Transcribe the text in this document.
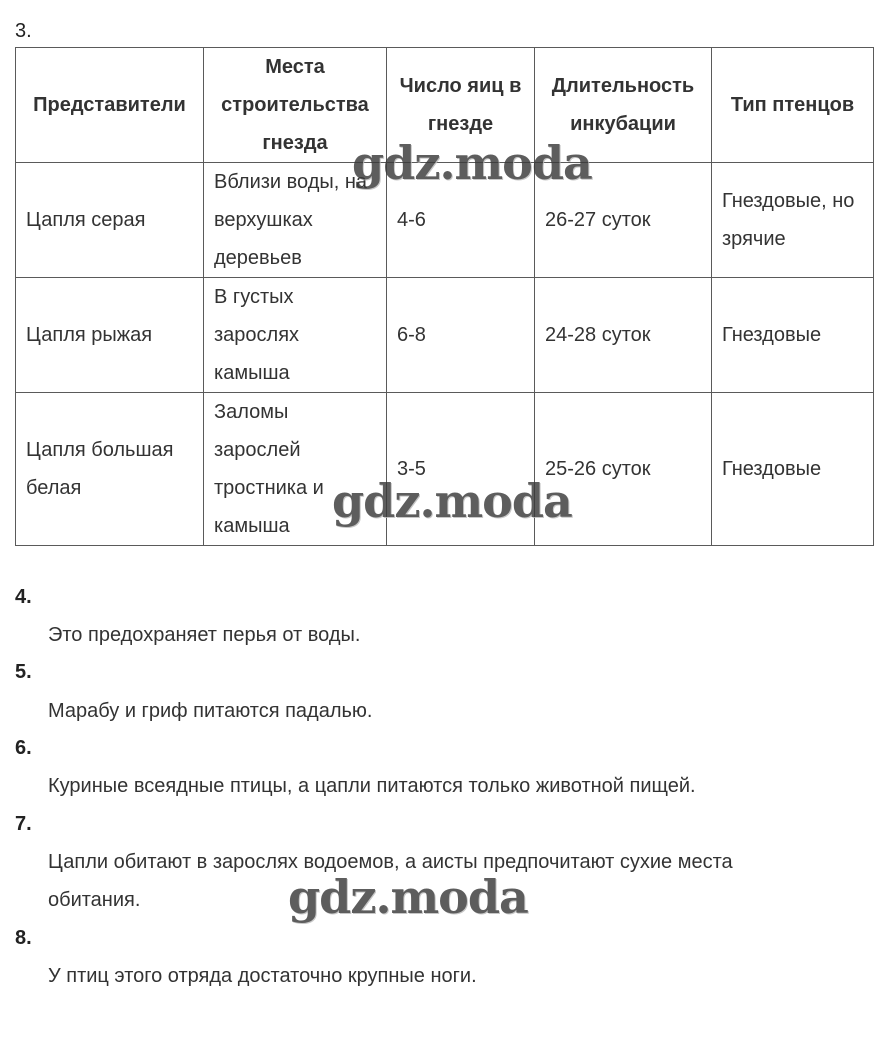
3.
Представители	Места строительства гнезда	Число яиц в гнезде	Длительность инкубации	Тип птенцов
Цапля серая	Вблизи воды, на верхушках деревьев	4-6	26-27 суток	Гнездовые, но зрячие
Цапля рыжая	В густых зарослях камыша	6-8	24-28 суток	Гнездовые
Цапля большая белая	Заломы зарослей тростника и камыша	3-5	25-26 суток	Гнездовые
4.
Это предохраняет перья от воды.
5.
Марабу и гриф питаются падалью.
6.
Куриные всеядные птицы, а цапли питаются только животной пищей.
7.
Цапли обитают в зарослях водоемов, а аисты предпочитают сухие места обитания.
8.
У птиц этого отряда достаточно крупные ноги.
gdz.moda
gdz.moda
gdz.moda
